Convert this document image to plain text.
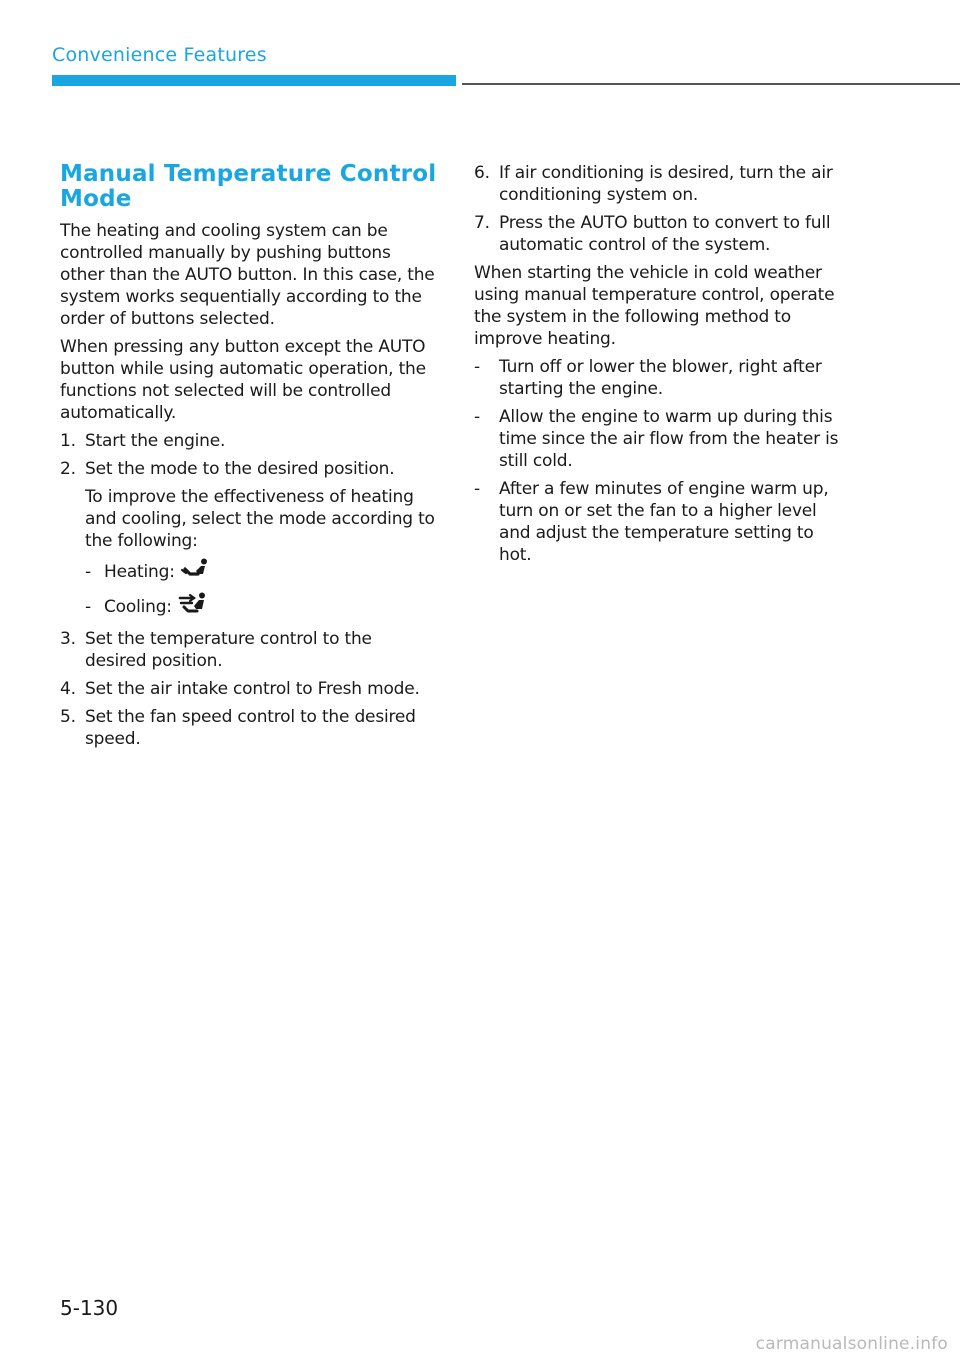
Convenience Features
Manual Temperature Control Mode

The heating and cooling system can be controlled manually by pushing buttons other than the AUTO button. In this case, the system works sequentially according to the order of buttons selected.

When pressing any button except the AUTO button while using automatic operation, the functions not selected will be controlled automatically.

1. Start the engine.
2. Set the mode to the desired position.

To improve the effectiveness of heating and cooling, select the mode according to the following:

- Heating:
- Cooling:
3. Set the temperature control to the desired position.
4. Set the air intake control to Fresh mode.
5. Set the fan speed control to the desired speed.
6. If air conditioning is desired, turn the air conditioning system on.
7. Press the AUTO button to convert to full automatic control of the system.

When starting the vehicle in cold weather using manual temperature control, operate the system in the following method to improve heating.

-	Turn off or lower the blower, right after starting the engine.
-	Allow the engine to warm up during this time since the air flow from the heater is still cold.
-	After a few minutes of engine warm up, turn on or set the fan to a higher level and adjust the temperature setting to hot.
5-130
carmanualsonline.info
